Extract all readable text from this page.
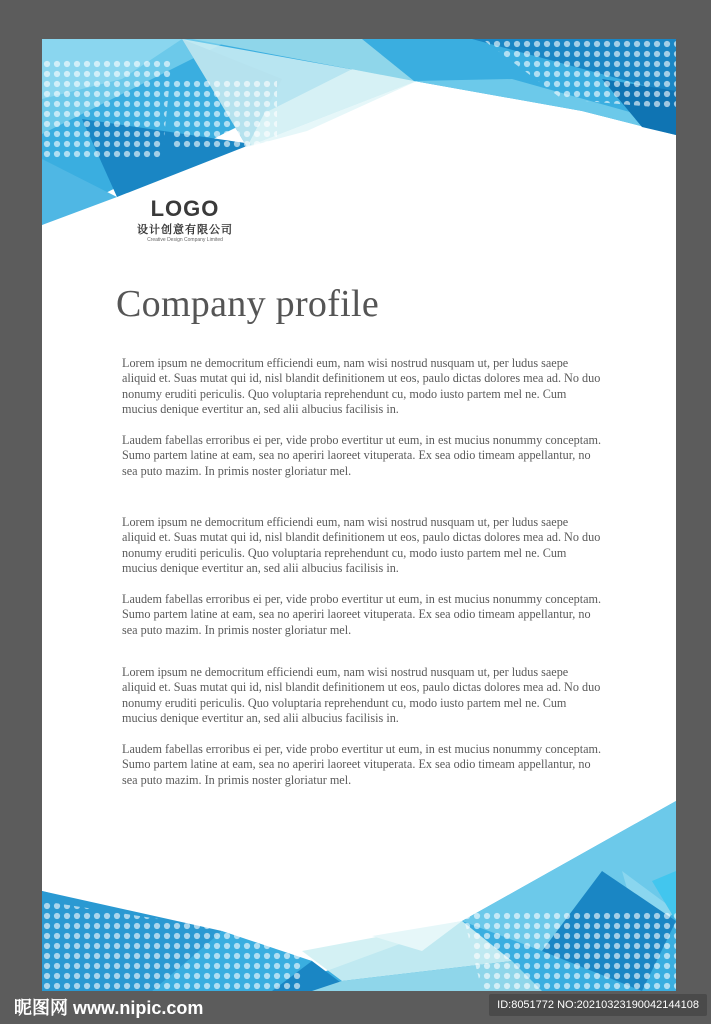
LOGO
设计创意有限公司
Creative Design Company Limited
Company profile

Lorem ipsum ne democritum efficiendi eum, nam wisi nostrud nusquam ut, per ludus saepe aliquid et. Suas mutat qui id, nisl blandit definitionem ut eos, paulo dictas dolores mea ad. No duo nonumy eruditi periculis. Quo voluptaria reprehendunt cu, modo iusto partem mel ne. Cum mucius denique evertitur an, sed alii albucius facilisis in.

Laudem fabellas erroribus ei per, vide probo evertitur ut eum, in est mucius nonummy conceptam. Sumo partem latine at eam, sea no aperiri laoreet vituperata. Ex sea odio timeam appellantur, no sea puto mazim. In primis noster gloriatur mel.

Lorem ipsum ne democritum efficiendi eum, nam wisi nostrud nusquam ut, per ludus saepe aliquid et. Suas mutat qui id, nisl blandit definitionem ut eos, paulo dictas dolores mea ad. No duo nonumy eruditi periculis. Quo voluptaria reprehendunt cu, modo iusto partem mel ne. Cum mucius denique evertitur an, sed alii albucius facilisis in.

Laudem fabellas erroribus ei per, vide probo evertitur ut eum, in est mucius nonummy conceptam. Sumo partem latine at eam, sea no aperiri laoreet vituperata. Ex sea odio timeam appellantur, no sea puto mazim. In primis noster gloriatur mel.

Lorem ipsum ne democritum efficiendi eum, nam wisi nostrud nusquam ut, per ludus saepe aliquid et. Suas mutat qui id, nisl blandit definitionem ut eos, paulo dictas dolores mea ad. No duo nonumy eruditi periculis. Quo voluptaria reprehendunt cu, modo iusto partem mel ne. Cum mucius denique evertitur an, sed alii albucius facilisis in.

Laudem fabellas erroribus ei per, vide probo evertitur ut eum, in est mucius nonummy conceptam. Sumo partem latine at eam, sea no aperiri laoreet vituperata. Ex sea odio timeam appellantur, no sea puto mazim. In primis noster gloriatur mel.

昵图网 www.nipic.com	ID:8051772 NO:20210323190042144108
